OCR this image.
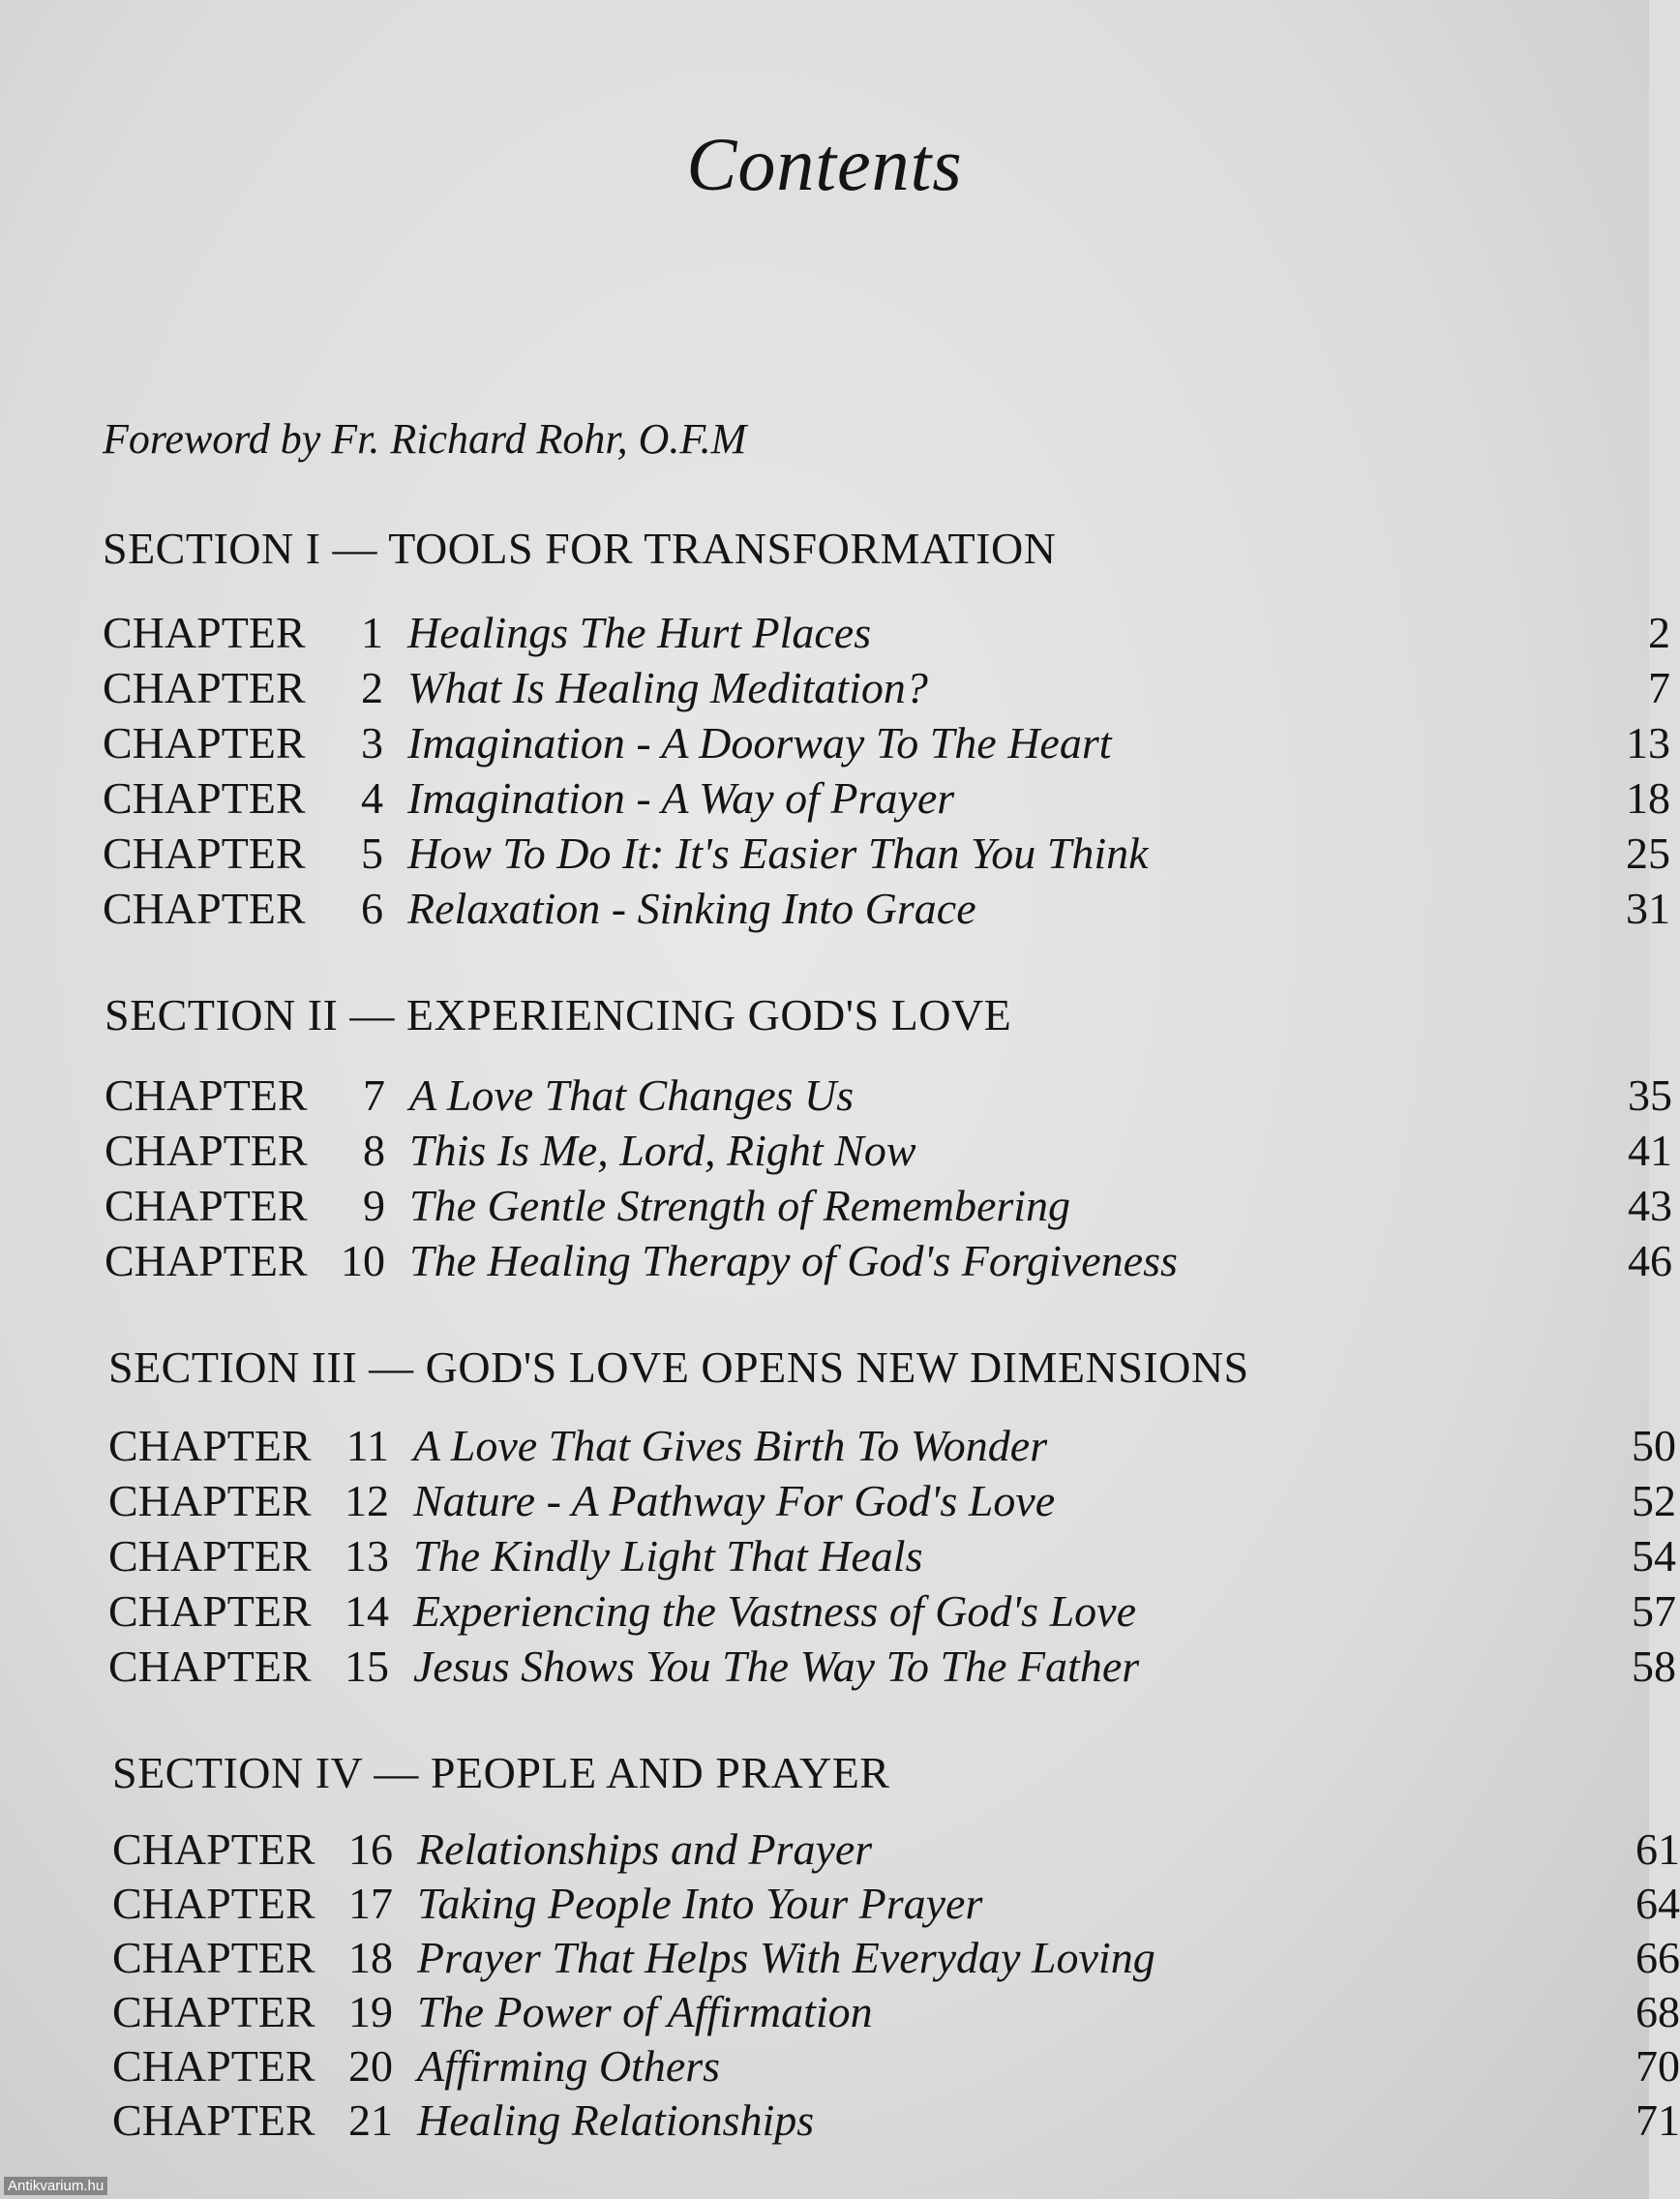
Contents

Foreword by Fr. Richard Rohr, O.F.M

SECTION I — TOOLS FOR TRANSFORMATION
CHAPTER	1 Healings The Hurt Places	2
CHAPTER	2 What Is Healing Meditation?	7
CHAPTER	3 Imagination - A Doorway To The Heart	13
CHAPTER	4 Imagination - A Way of Prayer	18
CHAPTER	5 How To Do It: It's Easier Than You Think	25
CHAPTER	6 Relaxation - Sinking Into Grace	31
SECTION II — EXPERIENCING GOD'S LOVE
CHAPTER	7 A Love That Changes Us	35
CHAPTER	8 This Is Me, Lord, Right Now	41
CHAPTER	9 The Gentle Strength of Remembering	43
CHAPTER 10 The Healing Therapy of God's Forgiveness	46
SECTION III — GOD'S LOVE OPENS NEW DIMENSIONS
CHAPTER 11 A Love That Gives Birth To Wonder	50
CHAPTER 12 Nature - A Pathway For God's Love	52
CHAPTER 13 The Kindly Light That Heals	54
CHAPTER 14 Experiencing the Vastness of God's Love	57
CHAPTER 15 Jesus Shows You The Way To The Father	58
SECTION IV — PEOPLE AND PRAYER
CHAPTER 16 Relationships and Prayer	61
CHAPTER 17 Taking People Into Your Prayer	64
CHAPTER 18 Prayer That Helps With Everyday Loving	66
CHAPTER 19 The Power of Affirmation	68
CHAPTER 20 Affirming Others	70
CHAPTER 21 Healing Relationships	71
Antikvarium.hu
